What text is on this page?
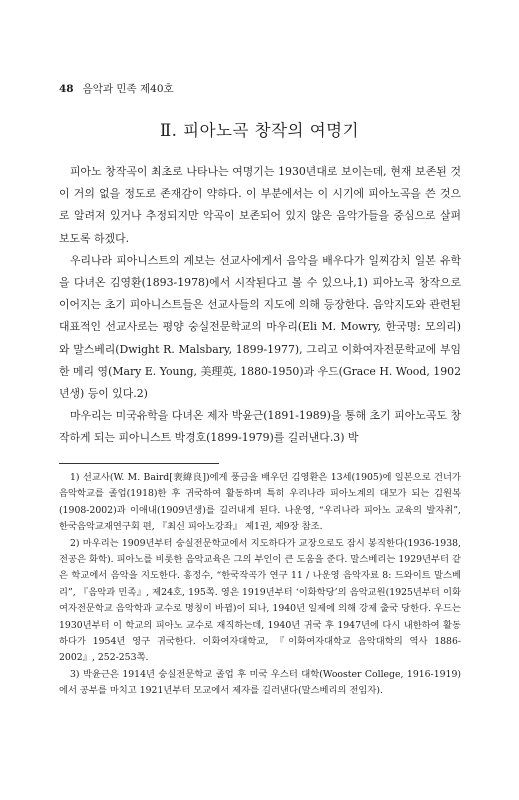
48 음악과 민족 제40호
Ⅱ. 피아노곡 창작의 여명기

피아노 창작곡이 최초로 나타나는 여명기는 1930년대로 보이는데, 현재 보존된 것이 거의 없을 정도로 존재감이 약하다. 이 부분에서는 이 시기에 피아노곡을 쓴 것으로 알려져 있거나 추정되지만 악곡이 보존되어 있지 않은 음악가들을 중심으로 살펴보도록 하겠다.

우리나라 피아니스트의 계보는 선교사에게서 음악을 배우다가 일찌감치 일본 유학을 다녀온 김영환(1893-1978)에서 시작된다고 볼 수 있으나,1) 피아노곡 창작으로 이어지는 초기 피아니스트들은 선교사들의 지도에 의해 등장한다. 음악지도와 관련된 대표적인 선교사로는 평양 숭실전문학교의 마우리(Eli M. Mowry, 한국명: 모의리)와 말스베리(Dwight R. Malsbary, 1899-1977), 그리고 이화여자전문학교에 부임한 메리 영(Mary E. Young, 美理英, 1880-1950)과 우드(Grace H. Wood, 1902년생) 등이 있다.2)

마우리는 미국유학을 다녀온 제자 박윤근(1891-1989)을 통해 초기 피아노곡도 창작하게 되는 피아니스트 박경호(1899-1979)를 길러낸다.3) 박

1) 선교사(W. M. Baird[裵緯良])에게 풍금을 배우던 김영환은 13세(1905)에 일본으로 건너가 음악학교를 졸업(1918)한 후 귀국하여 활동하며 특히 우리나라 피아노계의 대모가 되는 김원복(1908-2002)과 이애내(1909년생)를 길러내게 된다. 나운영, “우리나라 피아노 교육의 발자취”, 한국음악교재연구회 편, 『최신 피아노강좌』 제1권, 제9장 참조.

2) 마우리는 1909년부터 숭실전문학교에서 지도하다가 교장으로도 잠시 봉직한다(1936-1938, 전공은 화학). 피아노를 비롯한 음악교육은 그의 부인이 큰 도움을 준다. 말스베리는 1929년부터 같은 학교에서 음악을 지도한다. 홍정수, “한국작곡가 연구 11 / 나운영 음악자료 8: 드와이트 말스베리”, 『음악과 민족』, 제24호, 195쪽. 영은 1919년부터 ‘이화학당’의 음악교원(1925년부터 이화여자전문학교 음악학과 교수로 명칭이 바뀜)이 되나, 1940년 일제에 의해 강제 출국 당한다. 우드는 1930년부터 이 학교의 피아노 교수로 재직하는데, 1940년 귀국 후 1947년에 다시 내한하여 활동하다가 1954년 영구 귀국한다. 이화여자대학교, 『이화여자대학교 음악대학의 역사 1886-2002』, 252-253쪽.

3) 박윤근은 1914년 숭실전문학교 졸업 후 미국 우스터 대학(Wooster College, 1916-1919)에서 공부를 마치고 1921년부터 모교에서 제자를 길러낸다(말스베리의 전임자).
